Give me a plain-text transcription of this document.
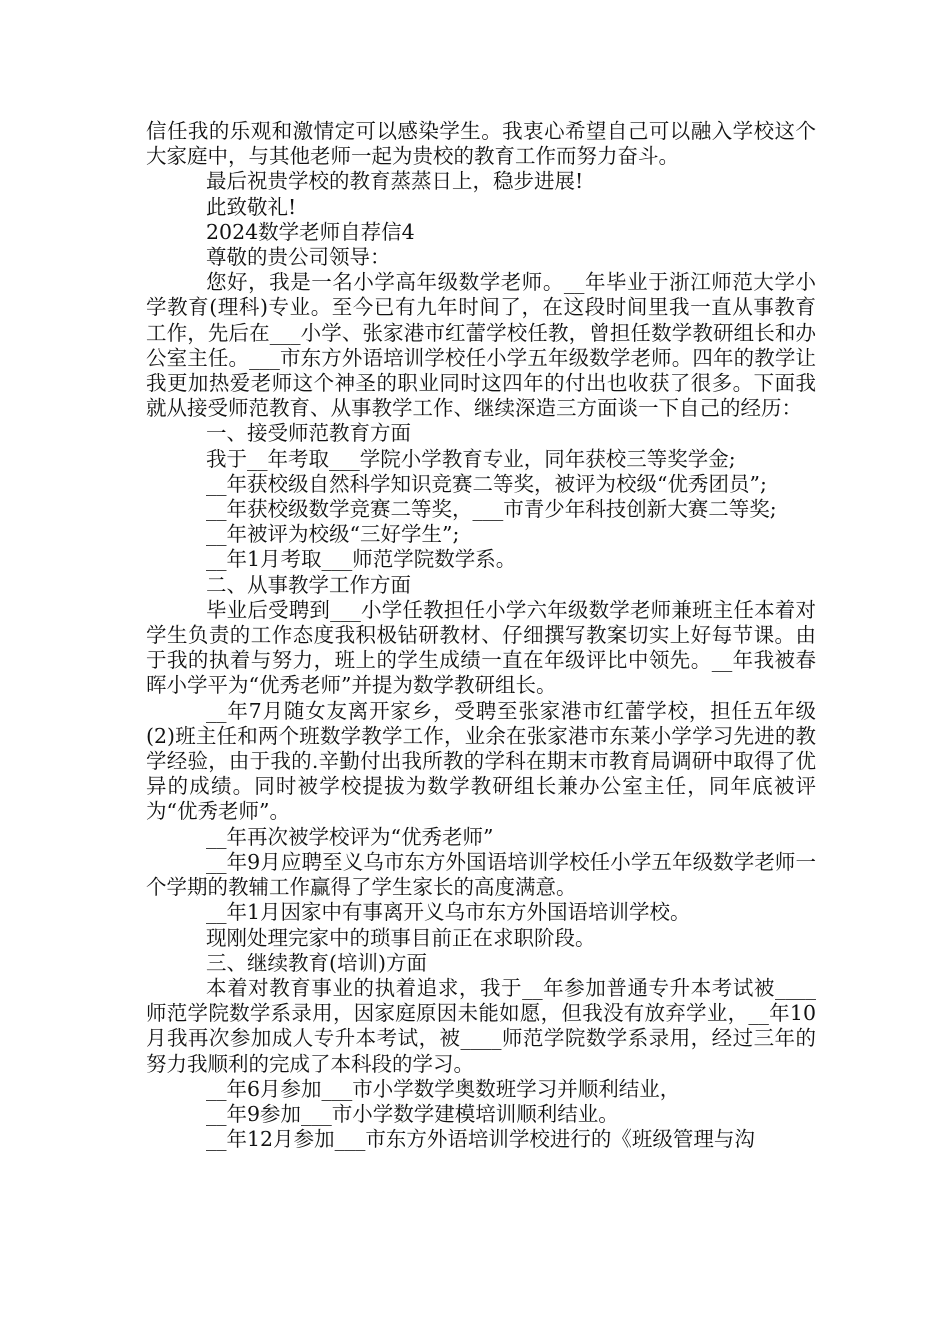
信任我的乐观和激情定可以感染学生。我衷心希望自己可以融入学校这个大家庭中，与其他老师一起为贵校的教育工作而努力奋斗。

最后祝贵学校的教育蒸蒸日上，稳步进展!

此致敬礼!

2024数学老师自荐信4

尊敬的贵公司领导：

您好，我是一名小学高年级数学老师。__年毕业于浙江师范大学小学教育(理科)专业。至今已有九年时间了，在这段时间里我一直从事教育工作，先后在___小学、张家港市红蕾学校任教，曾担任数学教研组长和办公室主任。___市东方外语培训学校任小学五年级数学老师。四年的教学让我更加热爱老师这个神圣的职业同时这四年的付出也收获了很多。下面我就从接受师范教育、从事教学工作、继续深造三方面谈一下自己的经历：

一、接受师范教育方面

我于__年考取___学院小学教育专业，同年获校三等奖学金;

__年获校级自然科学知识竞赛二等奖，被评为校级“优秀团员”;

__年获校级数学竞赛二等奖，___市青少年科技创新大赛二等奖;

__年被评为校级“三好学生”;

__年1月考取___师范学院数学系。

二、从事教学工作方面

毕业后受聘到___小学任教担任小学六年级数学老师兼班主任本着对学生负责的工作态度我积极钻研教材、仔细撰写教案切实上好每节课。由于我的执着与努力，班上的学生成绩一直在年级评比中领先。__年我被春晖小学平为“优秀老师”并提为数学教研组长。

__年7月随女友离开家乡，受聘至张家港市红蕾学校，担任五年级(2)班主任和两个班数学教学工作，业余在张家港市东莱小学学习先进的教学经验，由于我的.辛勤付出我所教的学科在期末市教育局调研中取得了优异的成绩。同时被学校提拔为数学教研组长兼办公室主任，同年底被评为“优秀老师”。

__年再次被学校评为“优秀老师”

__年9月应聘至义乌市东方外国语培训学校任小学五年级数学老师一个学期的教辅工作赢得了学生家长的高度满意。

__年1月因家中有事离开义乌市东方外国语培训学校。

现刚处理完家中的琐事目前正在求职阶段。

三、继续教育(培训)方面

本着对教育事业的执着追求，我于__年参加普通专升本考试被____师范学院数学系录用，因家庭原因未能如愿，但我没有放弃学业，__年10月我再次参加成人专升本考试，被____师范学院数学系录用，经过三年的努力我顺利的完成了本科段的学习。

__年6月参加___市小学数学奥数班学习并顺利结业，

__年9参加___市小学数学建模培训顺利结业。

__年12月参加___市东方外语培训学校进行的《班级管理与沟
